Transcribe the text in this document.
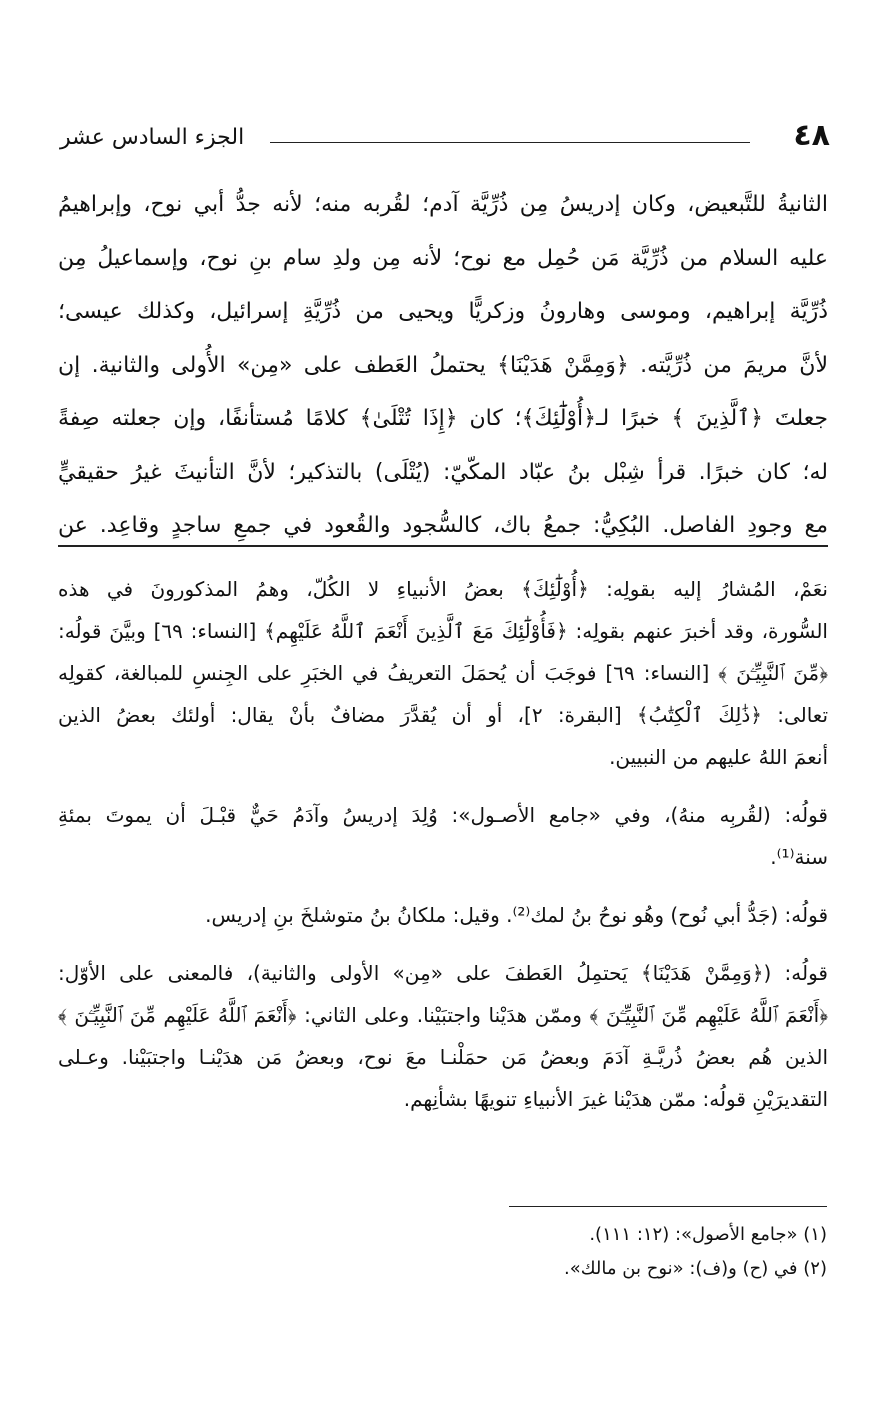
٤٨
الجزء السادس عشر
الثانيةُ للتَّبعيض، وكان إدريسُ مِن ذُرِّيَّة آدم؛ لقُربه منه؛ لأنه جدُّ أبي نوح، وإبراهيمُ
عليه السلام من ذُرِّيَّة مَن حُمِل مع نوح؛ لأنه مِن ولدِ سام بنِ نوح، وإسماعيلُ مِن
ذُرِّيَّة إبراهيم، وموسى وهارونُ وزكريًّا ويحيى من ذُرِّيَّةِ إسرائيل، وكذلك عيسى؛
لأنَّ مريمَ من ذُرِّيَّته. ﴿وَمِمَّنْ هَدَيْنَا﴾ يحتملُ العَطف على «مِن» الأُولى والثانية. إن
جعلتَ ﴿ٱلَّذِينَ ﴾ خبرًا لـ﴿أُوْلَٰٓئِكَ﴾؛ كان ﴿إِذَا تُتْلَىٰ﴾ كلامًا مُستأنفًا، وإن جعلته صِفةً
له؛ كان خبرًا. قرأ شِبْل بنُ عبّاد المكّيّ: (يُتْلَى) بالتذكير؛ لأنَّ التأنيثَ غيرُ حقيقيٍّ
مع وجودِ الفاصل. البُكِيُّ: جمعُ باك، كالسُّجود والقُعود في جمعِ ساجدٍ وقاعِد. عن
نعَمْ، المُشارُ إليه بقولِه: ﴿أُوْلَٰٓئِكَ﴾ بعضُ الأنبياءِ لا الكُلّ، وهمُ المذكورونَ في هذه
السُّورة، وقد أخبرَ عنهم بقولِه: ﴿فَأُوْلَٰٓئِكَ مَعَ ٱلَّذِينَ أَنْعَمَ ٱللَّهُ عَلَيْهِم﴾ [النساء: ٦٩] وبيَّنَ قولُه:
﴿مِّنَ ٱلنَّبِيِّـۧنَ ﴾ [النساء: ٦٩] فوجَبَ أن يُحمَلَ التعريفُ في الخبَرِ على الجِنسِ للمبالغة، كقولِه
تعالى: ﴿ذَٰلِكَ ٱلْكِتَٰبُ﴾ [البقرة: ٢]، أو أن يُقدَّرَ مضافٌ بأنْ يقال: أولئك بعضُ الذين
أنعمَ اللهُ عليهم من النبيين.
قولُه: (لقُربِه منهُ)، وفي «جامع الأصـول»: وُلِدَ إدريسُ وآدَمُ حَيٌّ قبْـلَ أن يموتَ بمئةِ
سنة⁽¹⁾.
قولُه: (جَدُّ أبي نُوح) وهُو نوحُ بنُ لمك⁽²⁾. وقيل: ملكانُ بنُ متوشلخَ بنِ إدريس.
قولُه: (﴿وَمِمَّنْ هَدَيْنَا﴾ يَحتمِلُ العَطفَ على «مِن» الأولى والثانية)، فالمعنى على الأوّل:
﴿أَنْعَمَ ٱللَّهُ عَلَيْهِم مِّنَ ٱلنَّبِيِّـۧنَ ﴾ وممّن هدَيْنا واجتبَيْنا. وعلى الثاني: ﴿أَنْعَمَ ٱللَّهُ عَلَيْهِم مِّنَ ٱلنَّبِيِّـۧنَ ﴾
الذين هُم بعضُ ذُريَّـةِ آدَمَ وبعضُ مَن حمَلْنـا معَ نوح، وبعضُ مَن هدَيْنـا واجتبَيْنا. وعـلى
التقديرَيْنِ قولُه: ممّن هدَيْنا غيرَ الأنبياءِ تنويهًا بشأنِهم.
(١) «جامع الأصول»: (١٢: ١١١).
(٢) في (ح) و(ف): «نوح بن مالك».
